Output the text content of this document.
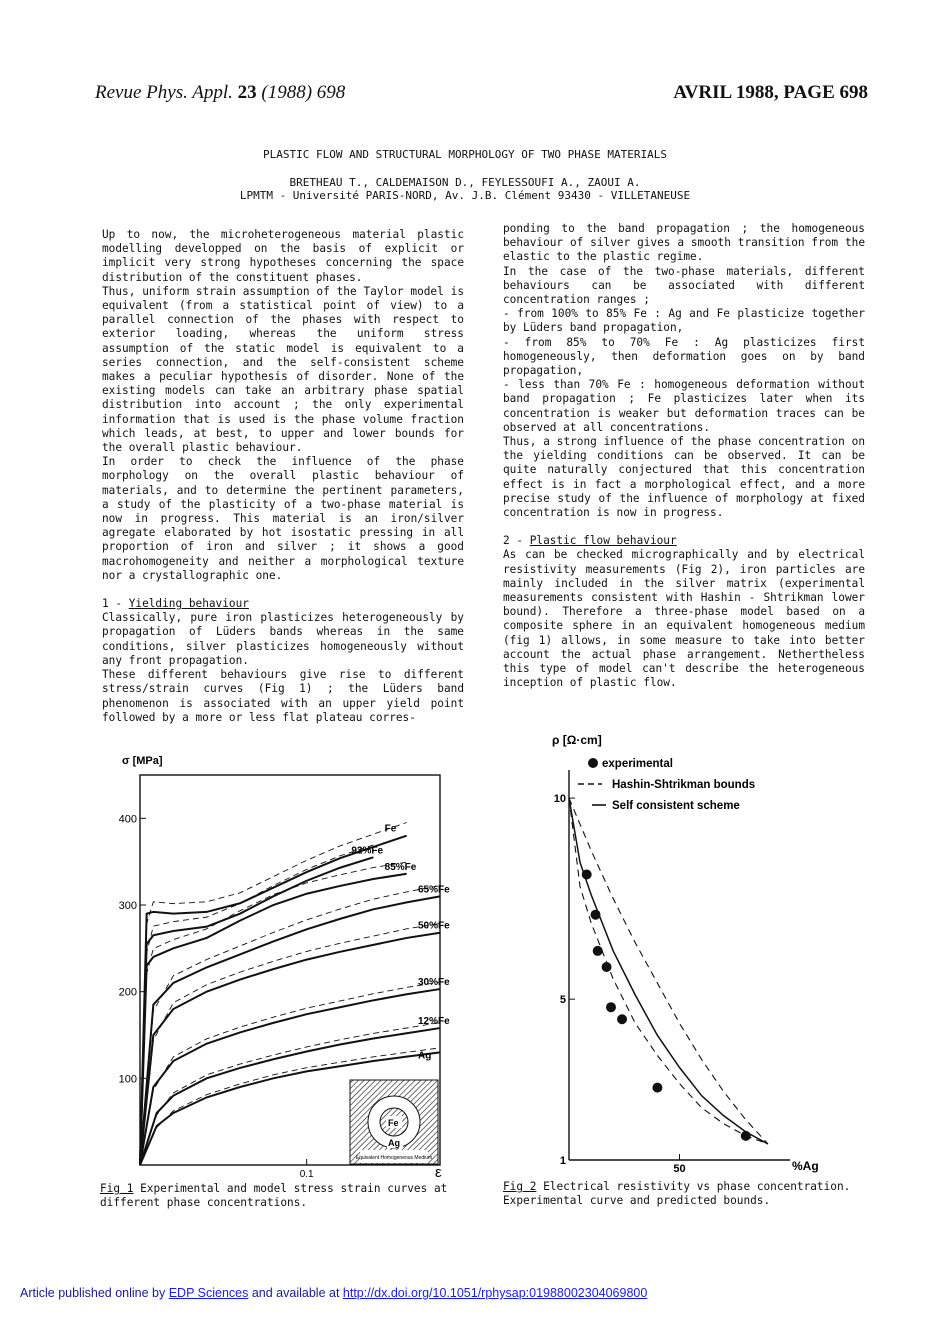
Revue Phys. Appl. 23 (1988) 698	AVRIL 1988, PAGE 698
PLASTIC FLOW AND STRUCTURAL MORPHOLOGY OF TWO PHASE MATERIALS
BRETHEAU T., CALDEMAISON D., FEYLESSOUFI A., ZAOUI A.
LPMTM - Université PARIS-NORD, Av. J.B. Clément 93430 - VILLETANEUSE

Up to now, the microheterogeneous material plastic modelling developped on the basis of explicit or implicit very strong hypotheses concerning the space distribution of the constituent phases.

Thus, uniform strain assumption of the Taylor model is equivalent (from a statistical point of view) to a parallel connection of the phases with respect to exterior loading, whereas the uniform stress assumption of the static model is equivalent to a series connection, and the self-consistent scheme makes a peculiar hypothesis of disorder. None of the existing models can take an arbitrary phase spatial distribution into account ; the only experimental information that is used is the phase volume fraction which leads, at best, to upper and lower bounds for the overall plastic behaviour.

In order to check the influence of the phase morphology on the overall plastic behaviour of materials, and to determine the pertinent parameters, a study of the plasticity of a two-phase material is now in progress. This material is an iron/silver agregate elaborated by hot isostatic pressing in all proportion of iron and silver ; it shows a good macrohomogeneity and neither a morphological texture nor a crystallographic one.

1 - Yielding behaviour

Classically, pure iron plasticizes heterogeneously by propagation of Lüders bands whereas in the same conditions, silver plasticizes homogeneously without any front propagation.

These different behaviours give rise to different stress/strain curves (Fig 1) ; the Lüders band phenomenon is associated with an upper yield point followed by a more or less flat plateau corres-

ponding to the band propagation ; the homogeneous behaviour of silver gives a smooth transition from the elastic to the plastic regime.

In the case of the two-phase materials, different behaviours can be associated with different concentration ranges ;

- from 100% to 85% Fe : Ag and Fe plasticize together by Lüders band propagation,

- from 85% to 70% Fe : Ag plasticizes first homogeneously, then deformation goes on by band propagation,

- less than 70% Fe : homogeneous deformation without band propagation ; Fe plasticizes later when its concentration is weaker but deformation traces can be observed at all concentrations.

Thus, a strong influence of the phase concentration on the yielding conditions can be observed. It can be quite naturally conjectured that this concentration effect is in fact a morphological effect, and a more precise study of the influence of morphology at fixed concentration is now in progress.

2 - Plastic flow behaviour

As can be checked micrographically and by electrical resistivity measurements (Fig 2), iron particles are mainly included in the silver matrix (experimental measurements consistent with Hashin - Shtrikman lower bound). Therefore a three-phase model based on a composite sphere in an equivalent homogeneous medium (fig 1) allows, in some measure to take into better account the actual phase arrangement. Nethertheless this type of model can't describe the heterogeneous inception of plastic flow.

σ [MPa]
ε
100
200
300
400
0.1
Fe
92%Fe
85%Fe
65%Fe
50%Fe
30%Fe
12%Fe
Ag
Fe
Ag
Equivalent Homogeneous Medium
ρ [Ω·cm]
%Ag
1
5
10
50
experimental
Hashin-Shtrikman bounds
Self consistent scheme
Fig 1 Experimental and model stress strain curves at different phase concentrations.
Fig 2 Electrical resistivity vs phase concentration. Experimental curve and predicted bounds.
Article published online by EDP Sciences and available at http://dx.doi.org/10.1051/rphysap:01988002304069800
